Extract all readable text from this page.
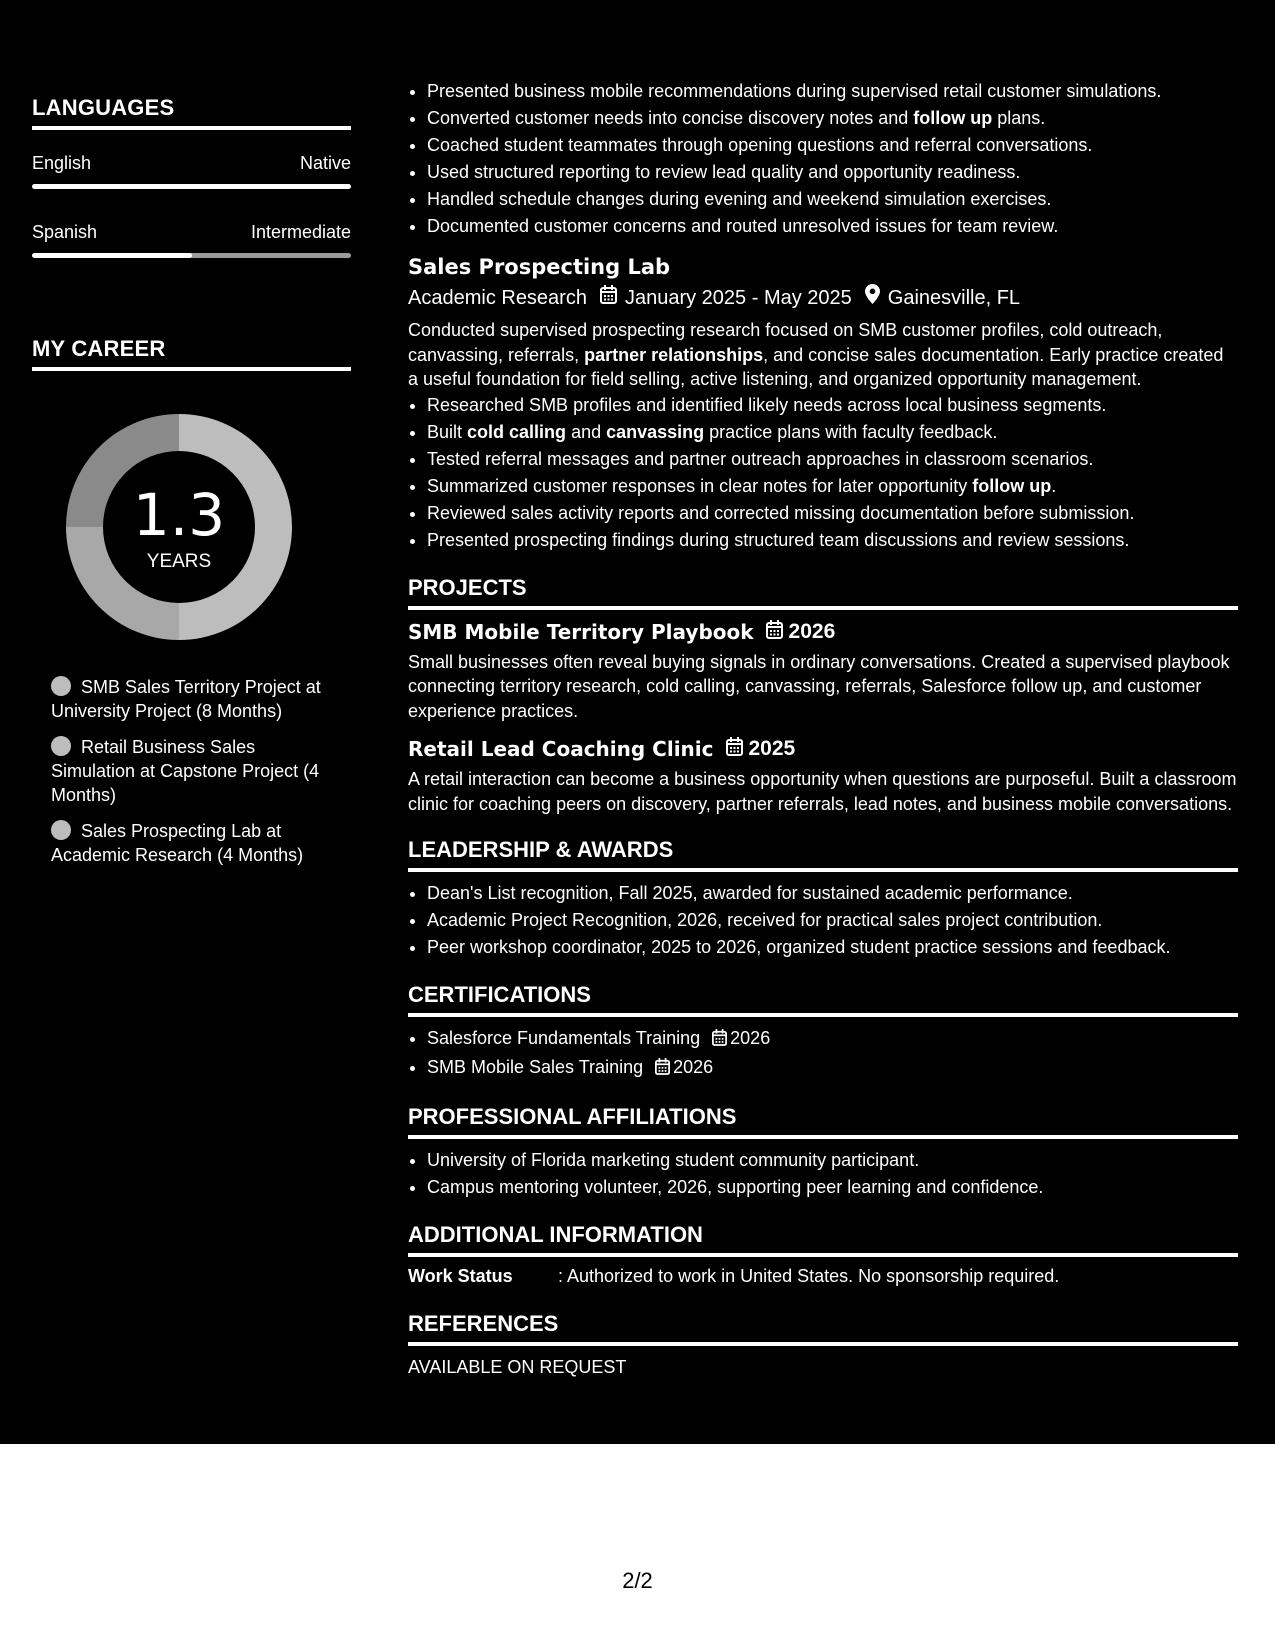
LANGUAGES
English	Native
Spanish	Intermediate
MY CAREER
1.3
YEARS
SMB Sales Territory Project at University Project (8 Months)
Retail Business Sales Simulation at Capstone Project (4 Months)
Sales Prospecting Lab at Academic Research (4 Months)
• Presented business mobile recommendations during supervised retail customer simulations.
• Converted customer needs into concise discovery notes and follow up plans.
• Coached student teammates through opening questions and referral conversations.
• Used structured reporting to review lead quality and opportunity readiness.
• Handled schedule changes during evening and weekend simulation exercises.
• Documented customer concerns and routed unresolved issues for team review.
Sales Prospecting Lab
Academic Research January 2025 - May 2025 Gainesville, FL
Conducted supervised prospecting research focused on SMB customer profiles, cold outreach, canvassing, referrals, partner relationships, and concise sales documentation. Early practice created a useful foundation for field selling, active listening, and organized opportunity management.
• Researched SMB profiles and identified likely needs across local business segments.
• Built cold calling and canvassing practice plans with faculty feedback.
• Tested referral messages and partner outreach approaches in classroom scenarios.
• Summarized customer responses in clear notes for later opportunity follow up.
• Reviewed sales activity reports and corrected missing documentation before submission.
• Presented prospecting findings during structured team discussions and review sessions.
PROJECTS
SMB Mobile Territory Playbook 2026
Small businesses often reveal buying signals in ordinary conversations. Created a supervised playbook connecting territory research, cold calling, canvassing, referrals, Salesforce follow up, and customer experience practices.
Retail Lead Coaching Clinic 2025
A retail interaction can become a business opportunity when questions are purposeful. Built a classroom clinic for coaching peers on discovery, partner referrals, lead notes, and business mobile conversations.
LEADERSHIP & AWARDS
• Dean's List recognition, Fall 2025, awarded for sustained academic performance.
• Academic Project Recognition, 2026, received for practical sales project contribution.
• Peer workshop coordinator, 2025 to 2026, organized student practice sessions and feedback.
CERTIFICATIONS
• Salesforce Fundamentals Training 2026
• SMB Mobile Sales Training 2026
PROFESSIONAL AFFILIATIONS
• University of Florida marketing student community participant.
• Campus mentoring volunteer, 2026, supporting peer learning and confidence.
ADDITIONAL INFORMATION
Work Status	: Authorized to work in United States. No sponsorship required.
REFERENCES
AVAILABLE ON REQUEST
2/2
